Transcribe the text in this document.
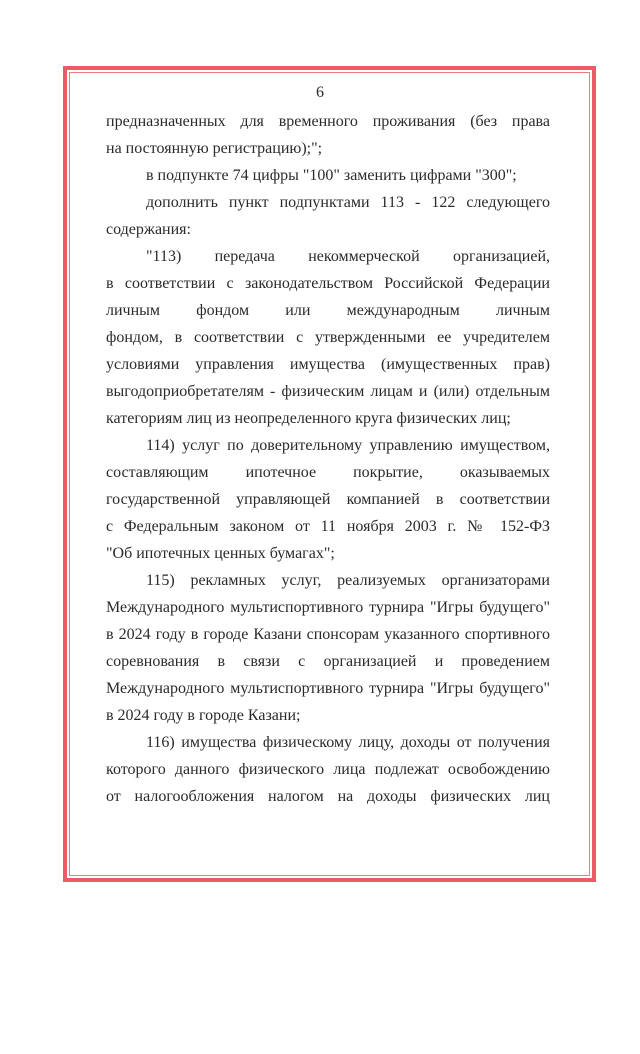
6
предназначенных для временного проживания (без права
на постоянную регистрацию);";
в подпункте 74 цифры "100" заменить цифрами "300";
дополнить пункт подпунктами 113 - 122 следующего
содержания:
"113) передача некоммерческой организацией,
в соответствии с законодательством Российской Федерации
личным фондом или международным личным
фондом, в соответствии с утвержденными ее учредителем
условиями управления имущества (имущественных прав)
выгодоприобретателям - физическим лицам и (или) отдельным
категориям лиц из неопределенного круга физических лиц;
114) услуг по доверительному управлению имуществом,
составляющим ипотечное покрытие, оказываемых
государственной управляющей компанией в соответствии
с Федеральным законом от 11 ноября 2003 г. № 152-ФЗ
"Об ипотечных ценных бумагах";
115) рекламных услуг, реализуемых организаторами
Международного мультиспортивного турнира "Игры будущего"
в 2024 году в городе Казани спонсорам указанного спортивного
соревнования в связи с организацией и проведением
Международного мультиспортивного турнира "Игры будущего"
в 2024 году в городе Казани;
116) имущества физическому лицу, доходы от получения
которого данного физического лица подлежат освобождению
от налогообложения налогом на доходы физических лиц
